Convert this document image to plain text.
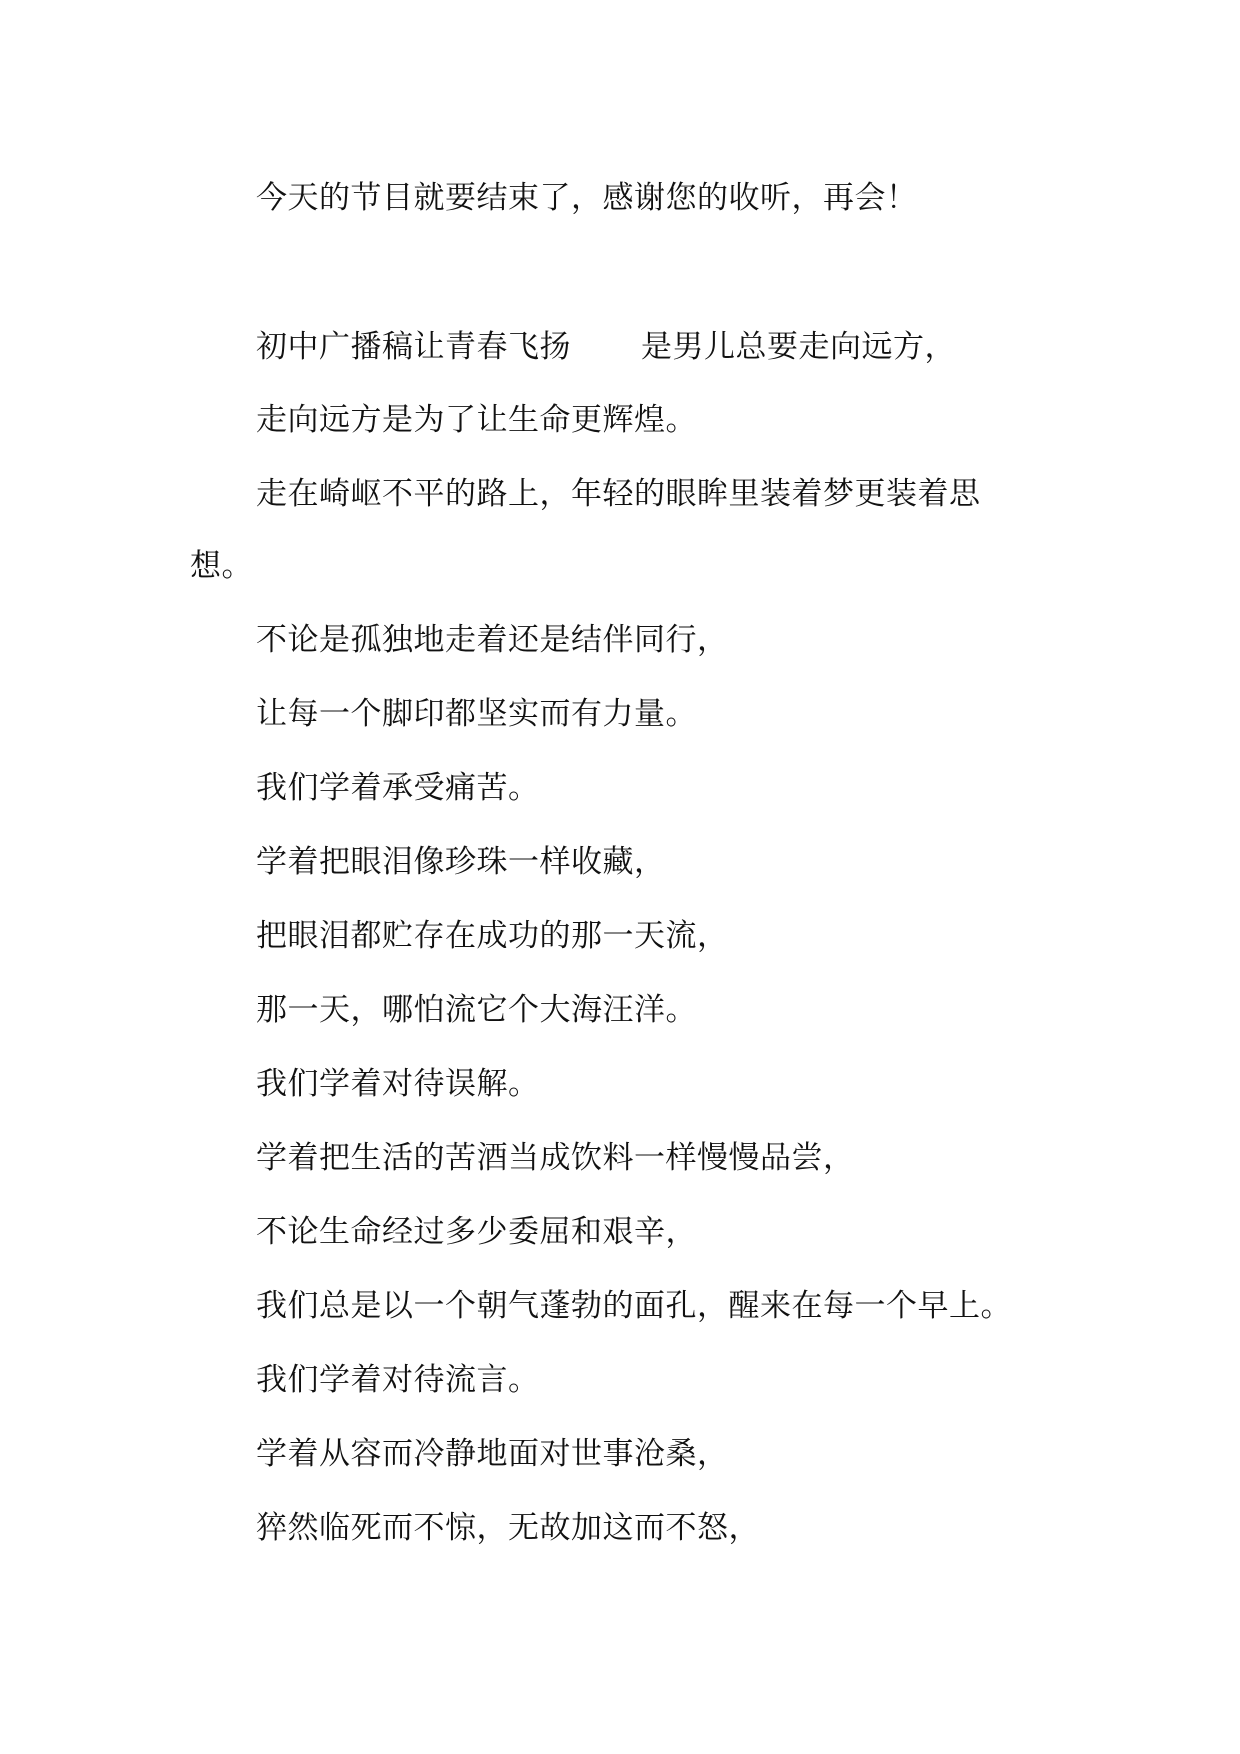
今天的节目就要结束了，感谢您的收听，再会！
初中广播稿让青春飞扬 是男儿总要走向远方，
走向远方是为了让生命更辉煌。
走在崎岖不平的路上，年轻的眼眸里装着梦更装着思
想。
不论是孤独地走着还是结伴同行，
让每一个脚印都坚实而有力量。
我们学着承受痛苦。
学着把眼泪像珍珠一样收藏，
把眼泪都贮存在成功的那一天流，
那一天，哪怕流它个大海汪洋。
我们学着对待误解。
学着把生活的苦酒当成饮料一样慢慢品尝，
不论生命经过多少委屈和艰辛，
我们总是以一个朝气蓬勃的面孔，醒来在每一个早上。
我们学着对待流言。
学着从容而冷静地面对世事沧桑，
猝然临死而不惊，无故加这而不怒，
